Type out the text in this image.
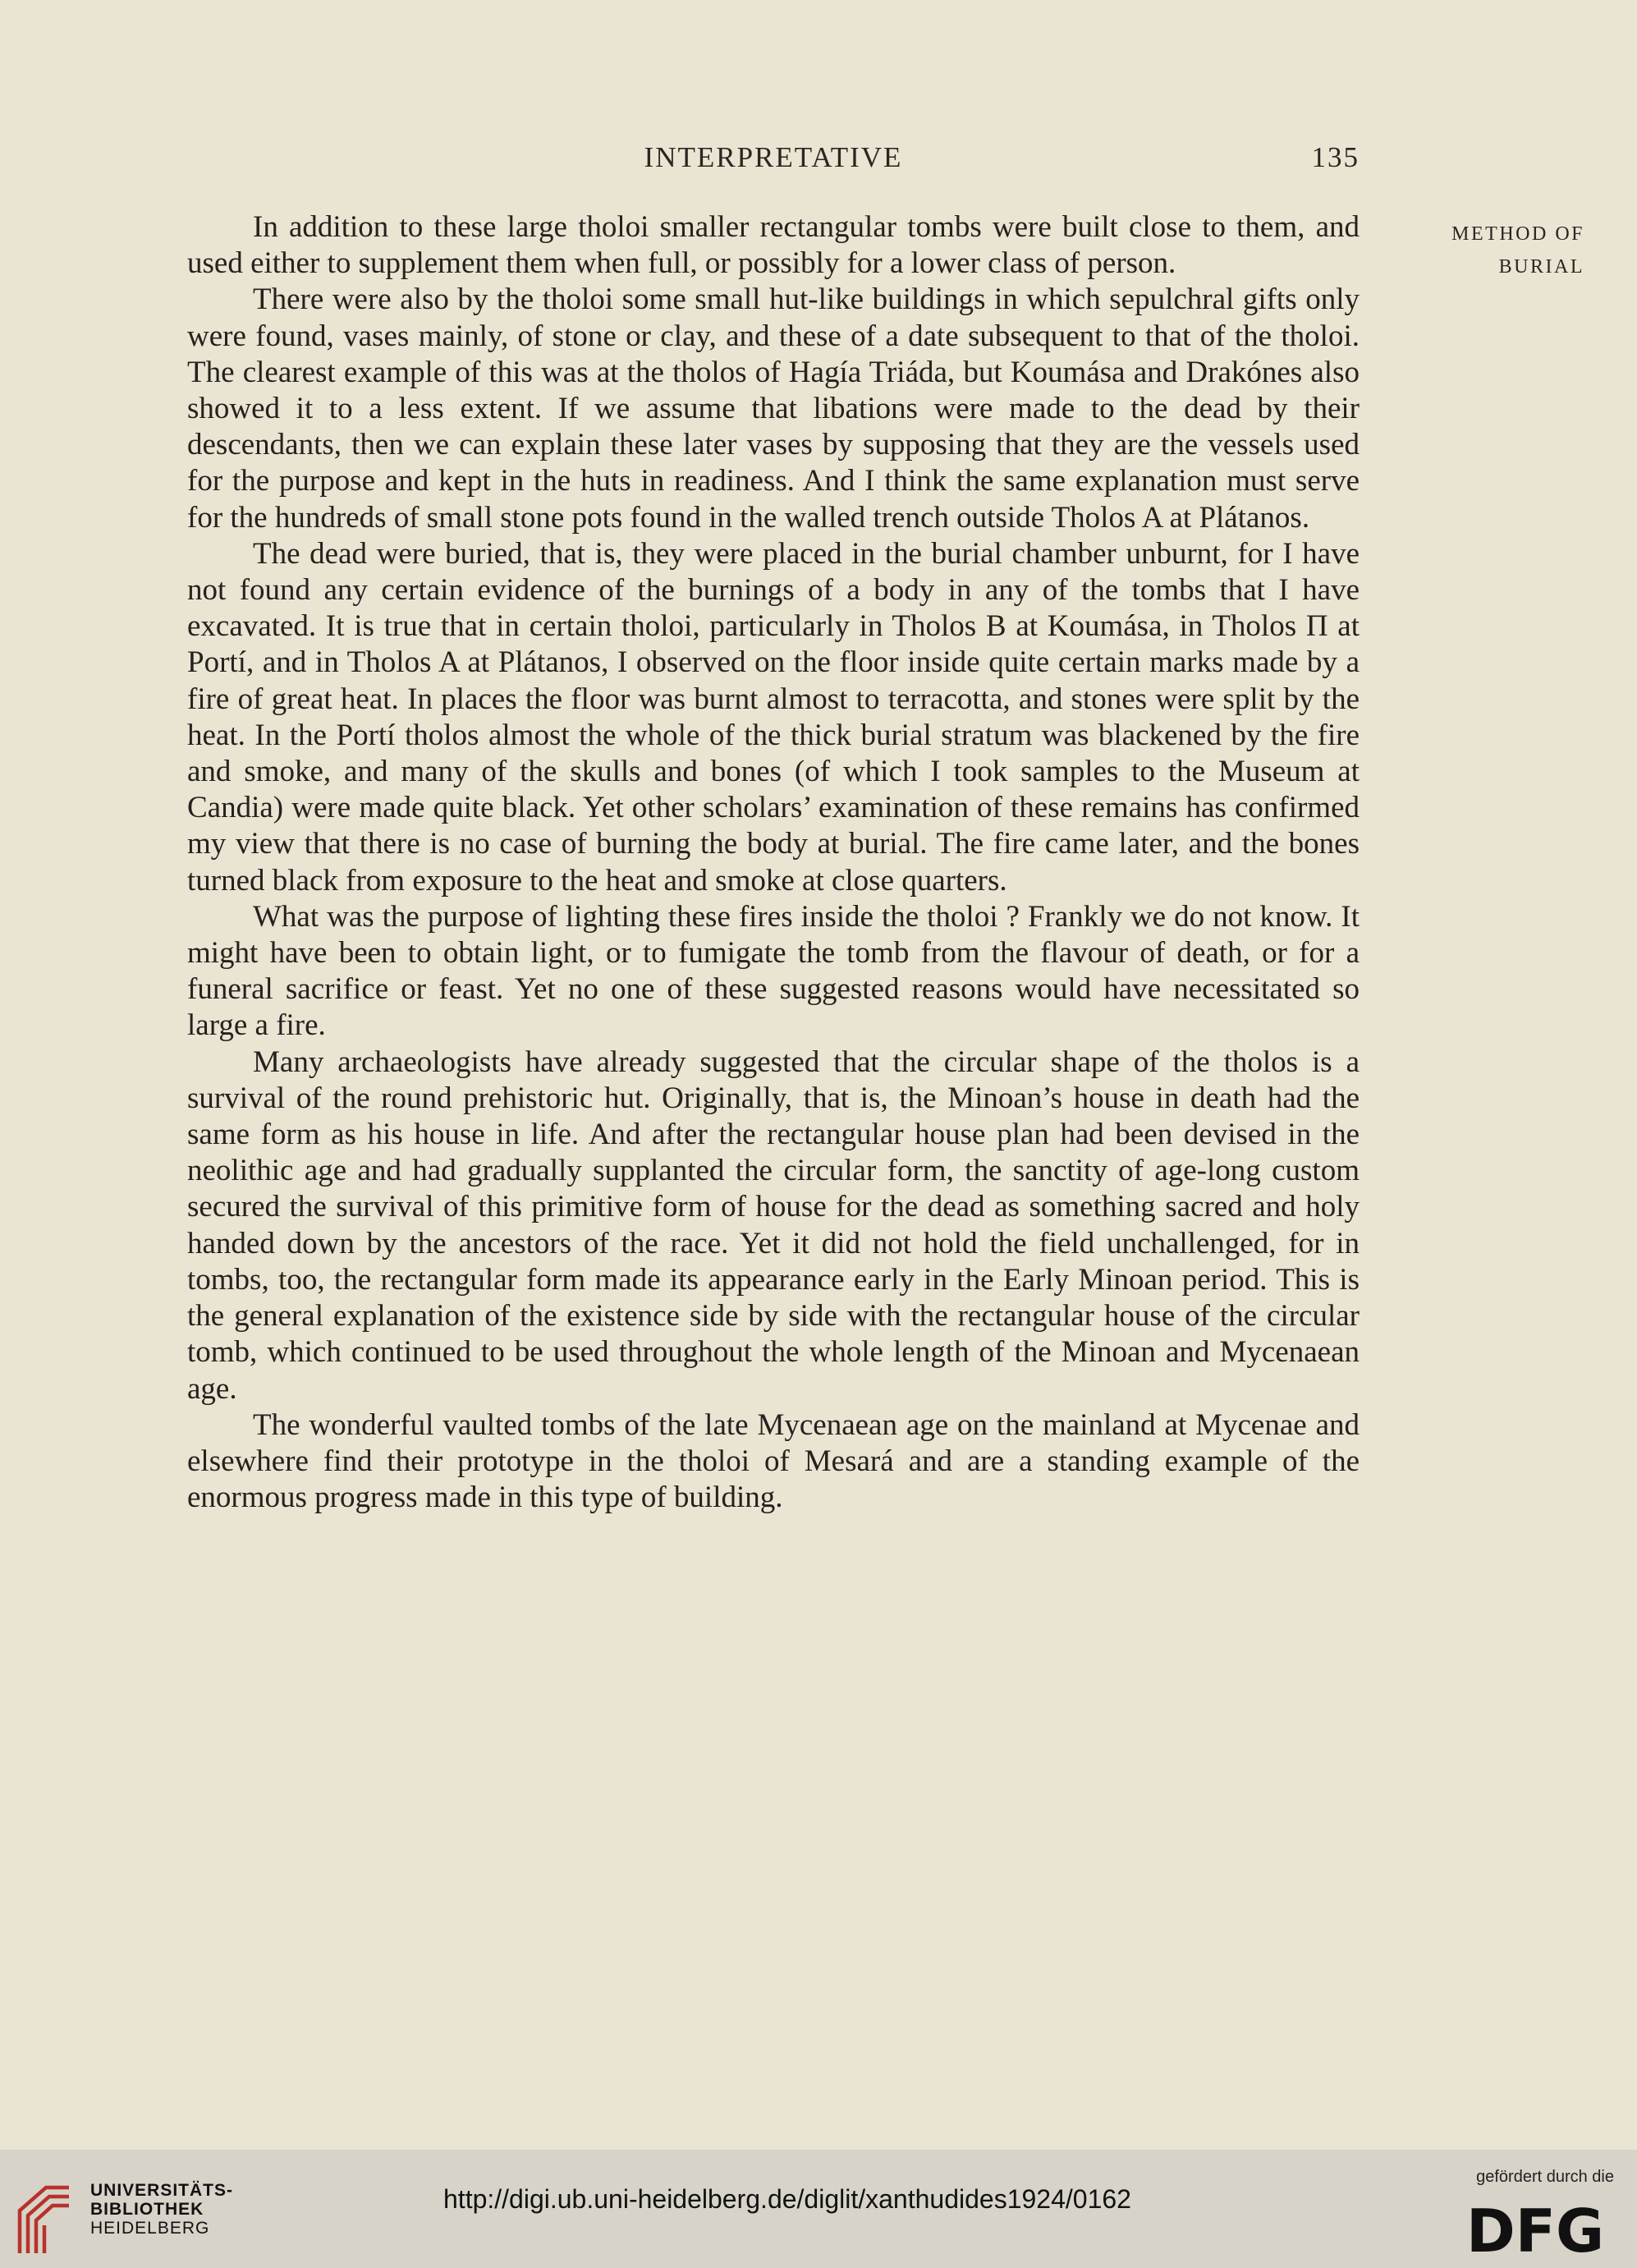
INTERPRETATIVE	135
METHOD OF
BURIAL

In addition to these large tholoi smaller rectangular tombs were built close to them, and used either to supplement them when full, or possibly for a lower class of person.

There were also by the tholoi some small hut-like buildings in which sepulchral gifts only were found, vases mainly, of stone or clay, and these of a date subsequent to that of the tholoi. The clearest example of this was at the tholos of Hagía Triáda, but Koumása and Drakónes also showed it to a less extent. If we assume that libations were made to the dead by their descendants, then we can explain these later vases by supposing that they are the vessels used for the purpose and kept in the huts in readiness. And I think the same explanation must serve for the hundreds of small stone pots found in the walled trench outside Tholos A at Plátanos.

The dead were buried, that is, they were placed in the burial chamber unburnt, for I have not found any certain evidence of the burnings of a body in any of the tombs that I have excavated. It is true that in certain tholoi, particularly in Tholos B at Koumása, in Tholos Π at Portí, and in Tholos A at Plátanos, I observed on the floor inside quite certain marks made by a fire of great heat. In places the floor was burnt almost to terracotta, and stones were split by the heat. In the Portí tholos almost the whole of the thick burial stratum was blackened by the fire and smoke, and many of the skulls and bones (of which I took samples to the Museum at Candia) were made quite black. Yet other scholars’ examination of these remains has confirmed my view that there is no case of burning the body at burial. The fire came later, and the bones turned black from exposure to the heat and smoke at close quarters.

What was the purpose of lighting these fires inside the tholoi ? Frankly we do not know. It might have been to obtain light, or to fumigate the tomb from the flavour of death, or for a funeral sacrifice or feast. Yet no one of these suggested reasons would have necessitated so large a fire.

Many archaeologists have already suggested that the circular shape of the tholos is a survival of the round prehistoric hut. Originally, that is, the Minoan’s house in death had the same form as his house in life. And after the rectangular house plan had been devised in the neolithic age and had gradually supplanted the circular form, the sanctity of age-long custom secured the survival of this primitive form of house for the dead as something sacred and holy handed down by the ancestors of the race. Yet it did not hold the field unchallenged, for in tombs, too, the rectangular form made its appearance early in the Early Minoan period. This is the general explanation of the existence side by side with the rectangular house of the circular tomb, which continued to be used throughout the whole length of the Minoan and Mycenaean age.

The wonderful vaulted tombs of the late Mycenaean age on the mainland at Mycenae and elsewhere find their prototype in the tholoi of Mesará and are a standing example of the enormous progress made in this type of building.

UNIVERSITÄTS-
BIBLIOTHEK
HEIDELBERG
http://digi.ub.uni-heidelberg.de/diglit/xanthudides1924/0162
gefördert durch die
DFG
